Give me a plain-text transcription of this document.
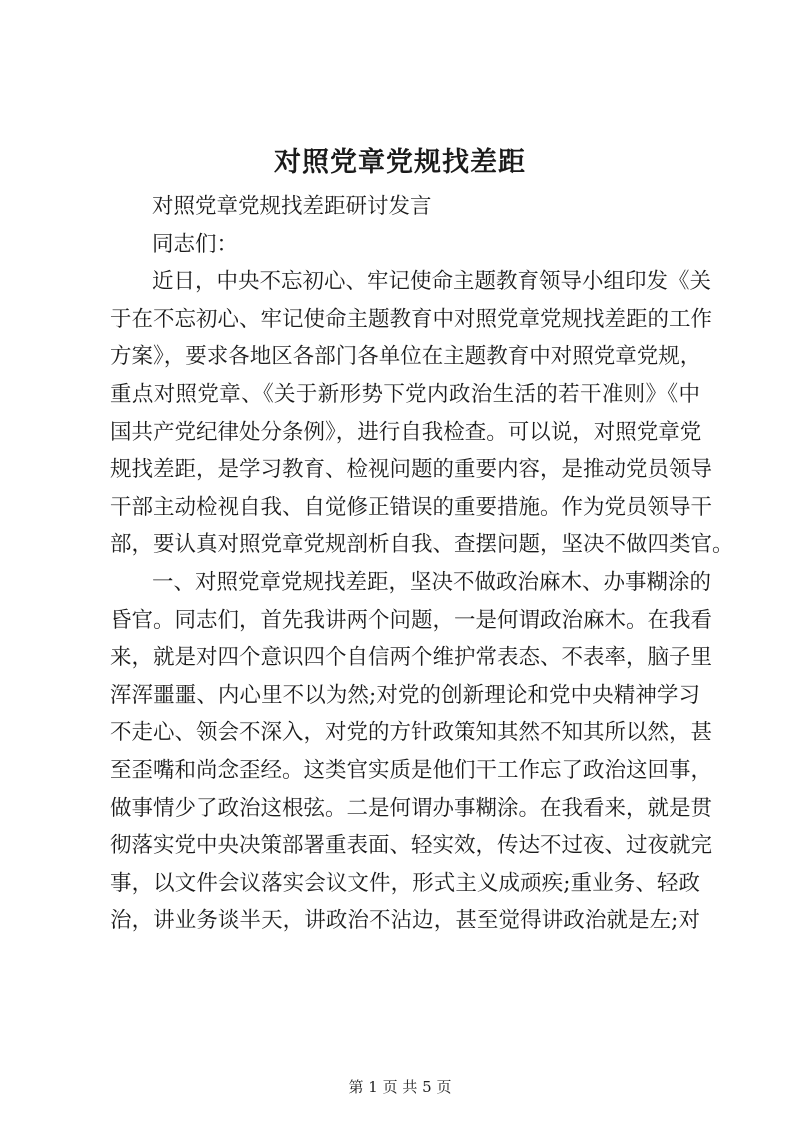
对照党章党规找差距
对照党章党规找差距研讨发言
同志们：
近日，中央不忘初心、牢记使命主题教育领导小组印发《关
于在不忘初心、牢记使命主题教育中对照党章党规找差距的工作
方案》，要求各地区各部门各单位在主题教育中对照党章党规，
重点对照党章、《关于新形势下党内政治生活的若干准则》《中
国共产党纪律处分条例》，进行自我检查。可以说，对照党章党
规找差距，是学习教育、检视问题的重要内容，是推动党员领导
干部主动检视自我、自觉修正错误的重要措施。作为党员领导干
部，要认真对照党章党规剖析自我、查摆问题，坚决不做四类官。
一、对照党章党规找差距，坚决不做政治麻木、办事糊涂的
昏官。同志们，首先我讲两个问题，一是何谓政治麻木。在我看
来，就是对四个意识四个自信两个维护常表态、不表率，脑子里
浑浑噩噩、内心里不以为然;对党的创新理论和党中央精神学习
不走心、领会不深入，对党的方针政策知其然不知其所以然，甚
至歪嘴和尚念歪经。这类官实质是他们干工作忘了政治这回事，
做事情少了政治这根弦。二是何谓办事糊涂。在我看来，就是贯
彻落实党中央决策部署重表面、轻实效，传达不过夜、过夜就完
事，以文件会议落实会议文件，形式主义成顽疾;重业务、轻政
治，讲业务谈半天，讲政治不沾边，甚至觉得讲政治就是左;对
第 1 页 共 5 页
